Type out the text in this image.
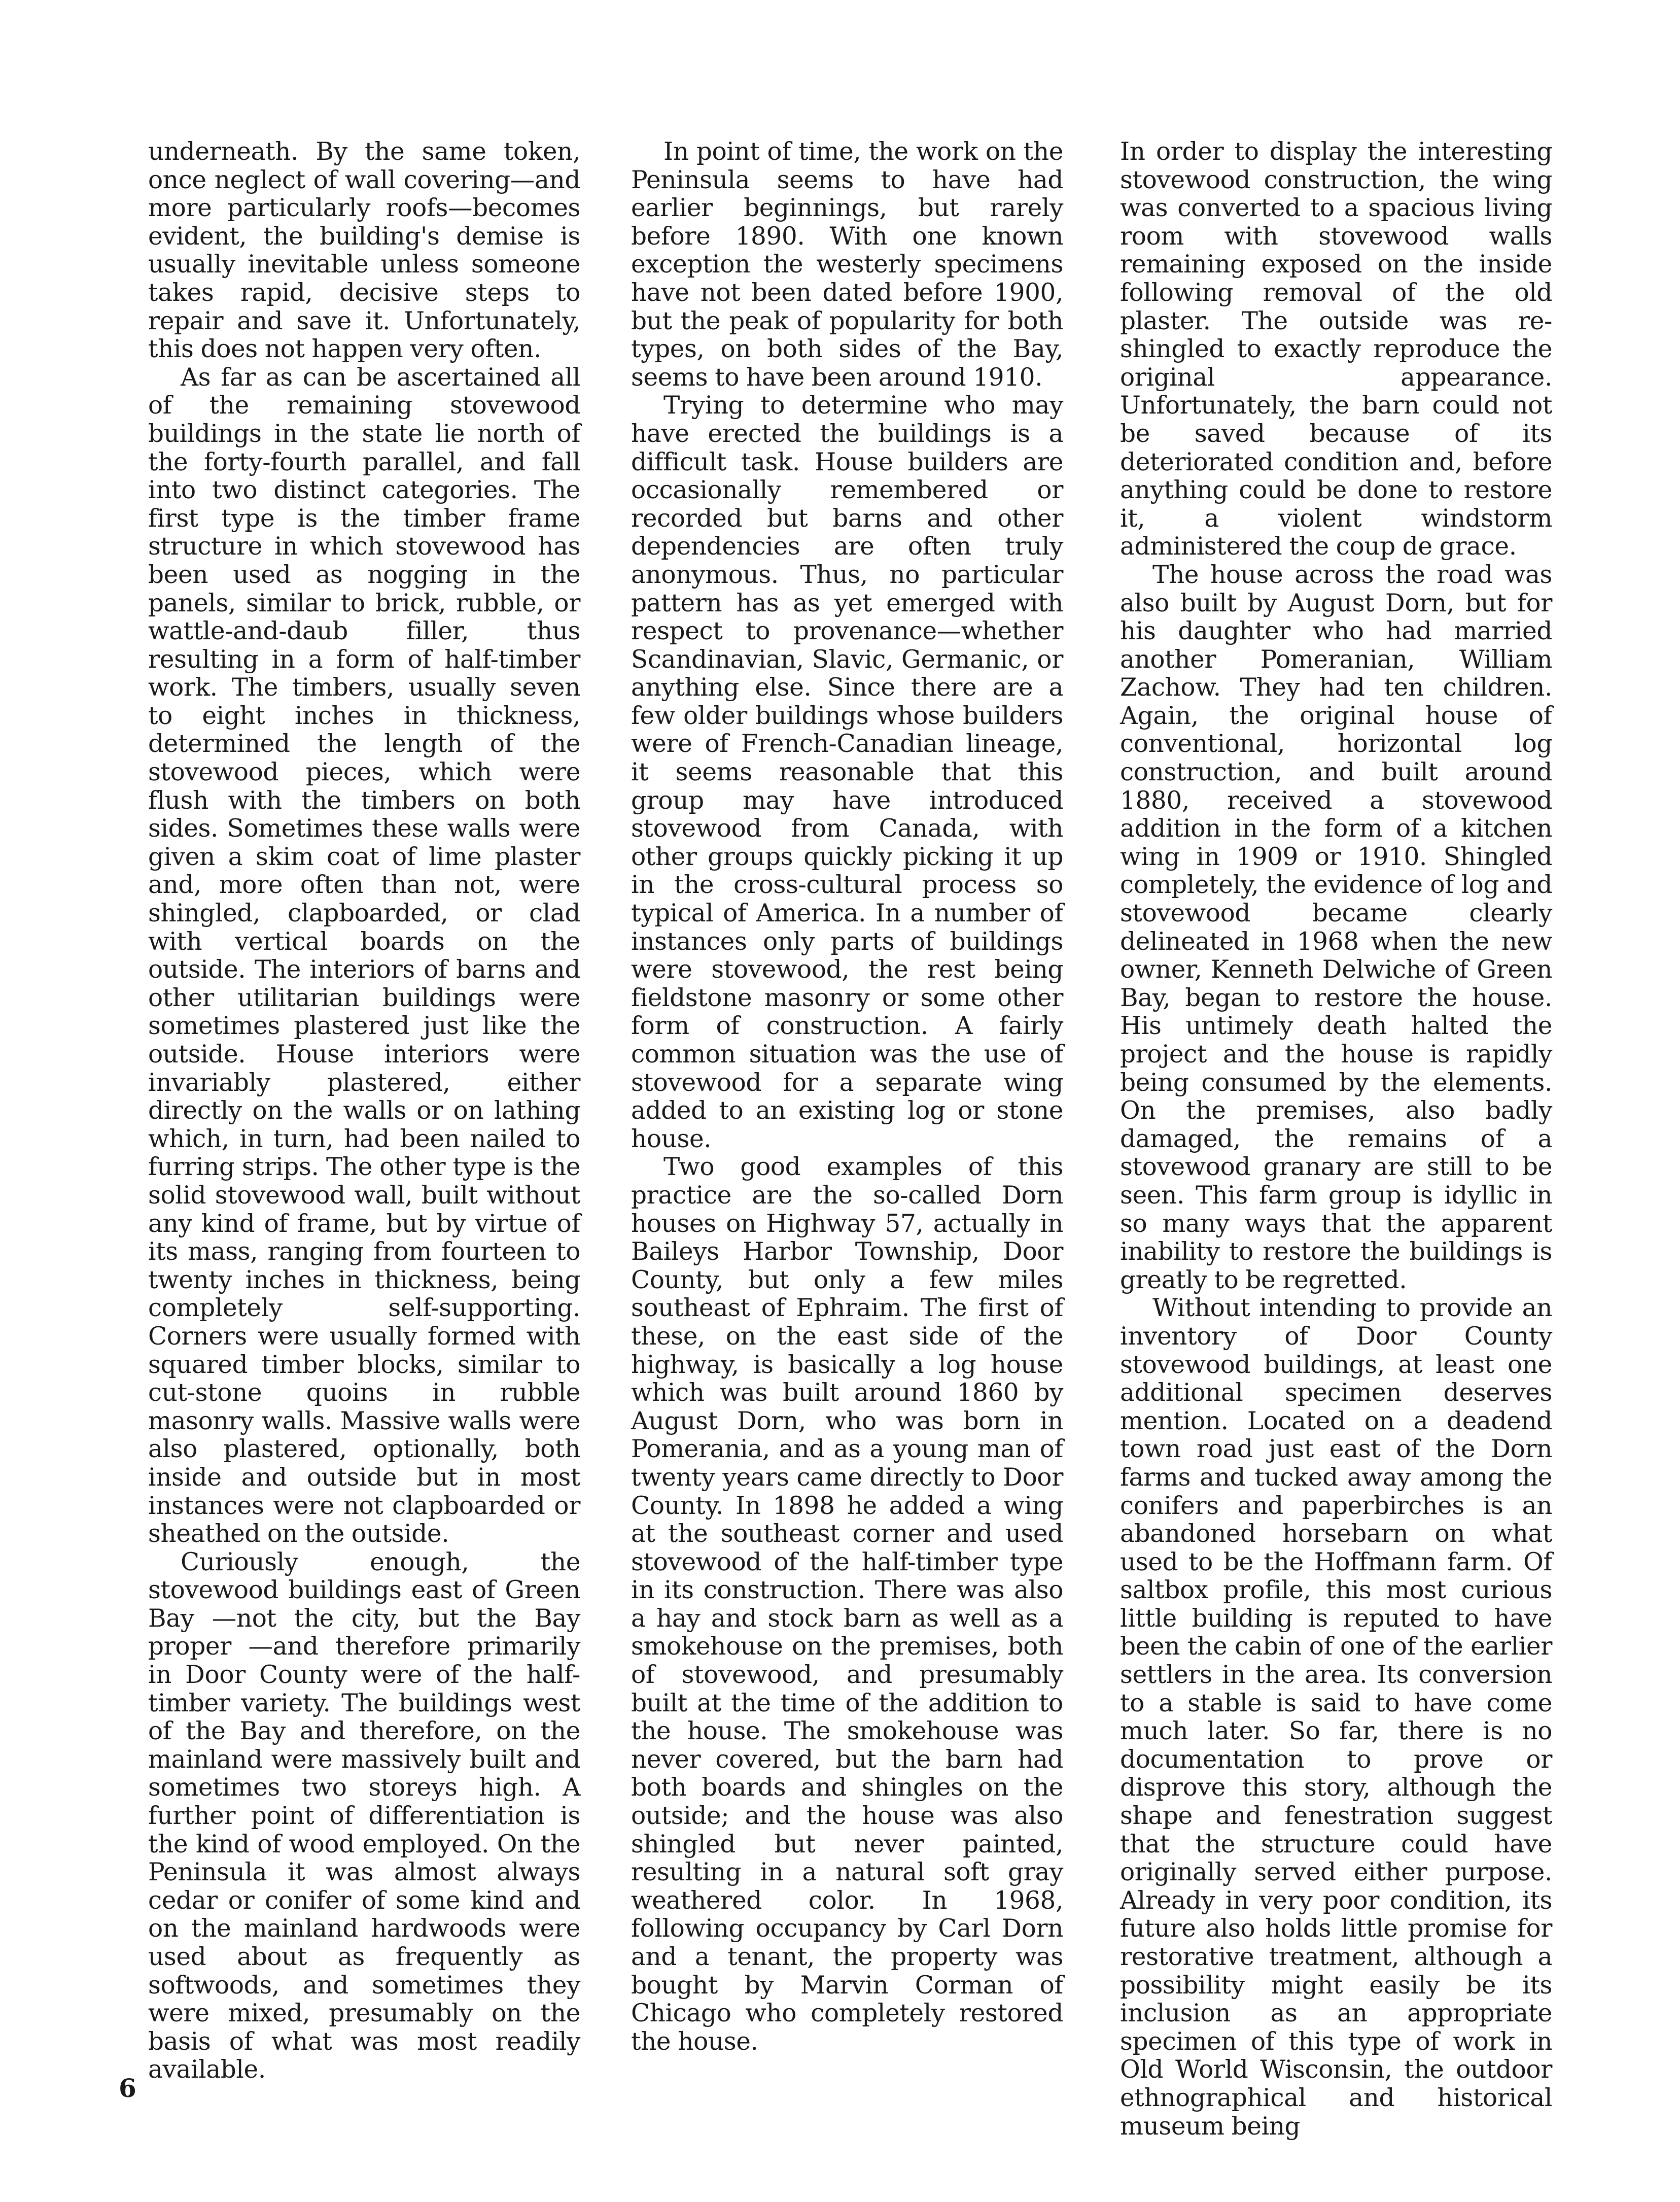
underneath. By the same token, once neglect of wall covering—and more particularly roofs—becomes evident, the building's demise is usually inevitable unless someone takes rapid, decisive steps to repair and save it. Unfortunately, this does not happen very often.

As far as can be ascertained all of the remaining stovewood buildings in the state lie north of the forty-fourth parallel, and fall into two distinct categories. The first type is the timber frame structure in which stovewood has been used as nogging in the panels, similar to brick, rubble, or wattle-and-daub filler, thus resulting in a form of half-timber work. The timbers, usually seven to eight inches in thickness, determined the length of the stovewood pieces, which were flush with the timbers on both sides. Sometimes these walls were given a skim coat of lime plaster and, more often than not, were shingled, clapboarded, or clad with vertical boards on the outside. The interiors of barns and other utilitarian buildings were sometimes plastered just like the outside. House interiors were invariably plastered, either directly on the walls or on lathing which, in turn, had been nailed to furring strips. The other type is the solid stovewood wall, built without any kind of frame, but by virtue of its mass, ranging from fourteen to twenty inches in thickness, being completely self-supporting. Corners were usually formed with squared timber blocks, similar to cut-stone quoins in rubble masonry walls. Massive walls were also plastered, optionally, both inside and outside but in most instances were not clapboarded or sheathed on the outside.

Curiously enough, the stovewood buildings east of Green Bay —not the city, but the Bay proper —and therefore primarily in Door County were of the half-timber variety. The buildings west of the Bay and therefore, on the mainland were massively built and sometimes two storeys high. A further point of differentiation is the kind of wood employed. On the Peninsula it was almost always cedar or conifer of some kind and on the mainland hardwoods were used about as frequently as softwoods, and sometimes they were mixed, presumably on the basis of what was most readily available.

In point of time, the work on the Peninsula seems to have had earlier beginnings, but rarely before 1890. With one known exception the westerly specimens have not been dated before 1900, but the peak of popularity for both types, on both sides of the Bay, seems to have been around 1910.

Trying to determine who may have erected the buildings is a difficult task. House builders are occasionally remembered or recorded but barns and other dependencies are often truly anonymous. Thus, no particular pattern has as yet emerged with respect to provenance—whether Scandinavian, Slavic, Germanic, or anything else. Since there are a few older buildings whose builders were of French-Canadian lineage, it seems reasonable that this group may have introduced stovewood from Canada, with other groups quickly picking it up in the cross-cultural process so typical of America. In a number of instances only parts of buildings were stovewood, the rest being fieldstone masonry or some other form of construction. A fairly common situation was the use of stovewood for a separate wing added to an existing log or stone house.

Two good examples of this practice are the so-called Dorn houses on Highway 57, actually in Baileys Harbor Township, Door County, but only a few miles southeast of Ephraim. The first of these, on the east side of the highway, is basically a log house which was built around 1860 by August Dorn, who was born in Pomerania, and as a young man of twenty years came directly to Door County. In 1898 he added a wing at the southeast corner and used stovewood of the half-timber type in its construction. There was also a hay and stock barn as well as a smokehouse on the premises, both of stovewood, and presumably built at the time of the addition to the house. The smokehouse was never covered, but the barn had both boards and shingles on the outside; and the house was also shingled but never painted, resulting in a natural soft gray weathered color. In 1968, following occupancy by Carl Dorn and a tenant, the property was bought by Marvin Corman of Chicago who completely restored the house.

In order to display the interesting stovewood construction, the wing was converted to a spacious living room with stovewood walls remaining exposed on the inside following removal of the old plaster. The outside was re-shingled to exactly reproduce the original appearance. Unfortunately, the barn could not be saved because of its deteriorated condition and, before anything could be done to restore it, a violent windstorm administered the coup de grace.

The house across the road was also built by August Dorn, but for his daughter who had married another Pomeranian, William Zachow. They had ten children. Again, the original house of conventional, horizontal log construction, and built around 1880, received a stovewood addition in the form of a kitchen wing in 1909 or 1910. Shingled completely, the evidence of log and stovewood became clearly delineated in 1968 when the new owner, Kenneth Delwiche of Green Bay, began to restore the house. His untimely death halted the project and the house is rapidly being consumed by the elements. On the premises, also badly damaged, the remains of a stovewood granary are still to be seen. This farm group is idyllic in so many ways that the apparent inability to restore the buildings is greatly to be regretted.

Without intending to provide an inventory of Door County stovewood buildings, at least one additional specimen deserves mention. Located on a deadend town road just east of the Dorn farms and tucked away among the conifers and paperbirches is an abandoned horsebarn on what used to be the Hoffmann farm. Of saltbox profile, this most curious little building is reputed to have been the cabin of one of the earlier settlers in the area. Its conversion to a stable is said to have come much later. So far, there is no documentation to prove or disprove this story, although the shape and fenestration suggest that the structure could have originally served either purpose. Already in very poor condition, its future also holds little promise for restorative treatment, although a possibility might easily be its inclusion as an appropriate specimen of this type of work in Old World Wisconsin, the outdoor ethnographical and historical museum being

6
